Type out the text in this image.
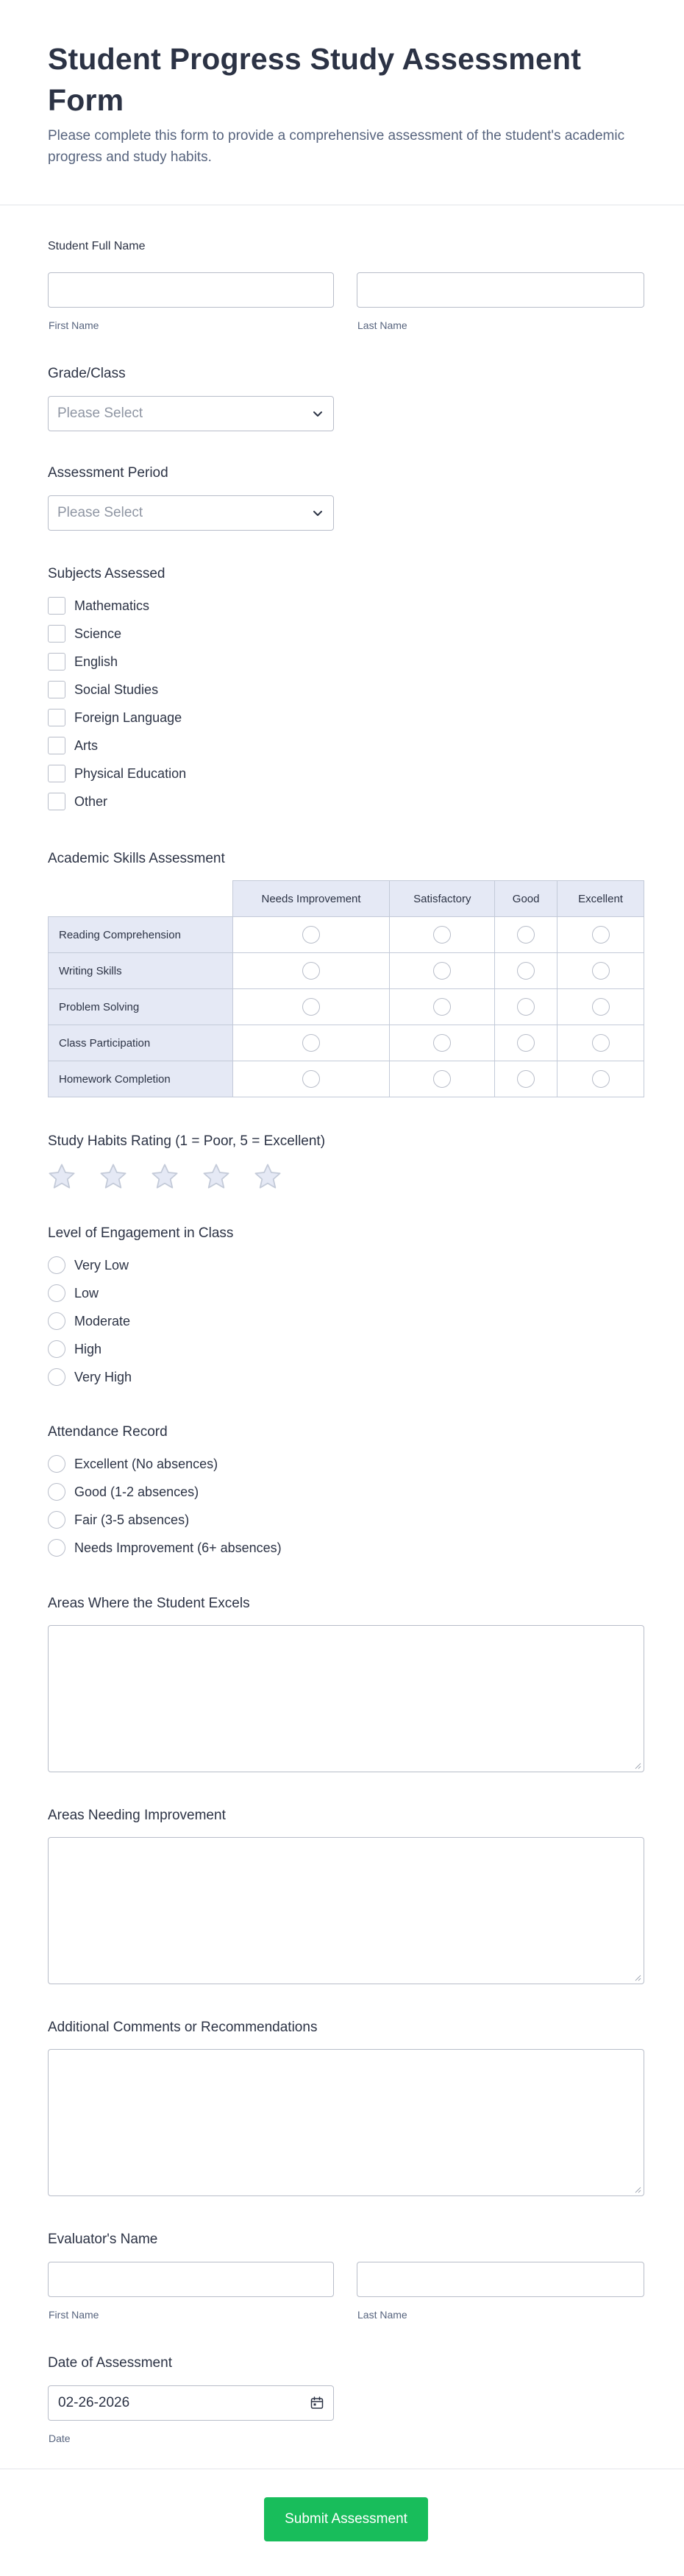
Student Progress Study Assessment Form

Please complete this form to provide a comprehensive assessment of the student's academic progress and study habits.

Student Full Name
First Name	Last Name
Grade/Class
Please Select
Assessment Period
Please Select
Subjects Assessed
Mathematics
Science
English
Social Studies
Foreign Language
Arts
Physical Education
Other
Academic Skills Assessment
	Needs Improvement	Satisfactory	Good	Excellent
Reading Comprehension				
Writing Skills				
Problem Solving				
Class Participation				
Homework Completion				
Study Habits Rating (1 = Poor, 5 = Excellent)
Level of Engagement in Class
Very Low
Low
Moderate
High
Very High
Attendance Record
Excellent (No absences)
Good (1-2 absences)
Fair (3-5 absences)
Needs Improvement (6+ absences)
Areas Where the Student Excels
Areas Needing Improvement
Additional Comments or Recommendations
Evaluator's Name
First Name	Last Name
Date of Assessment
02-26-2026
Date
Submit Assessment
